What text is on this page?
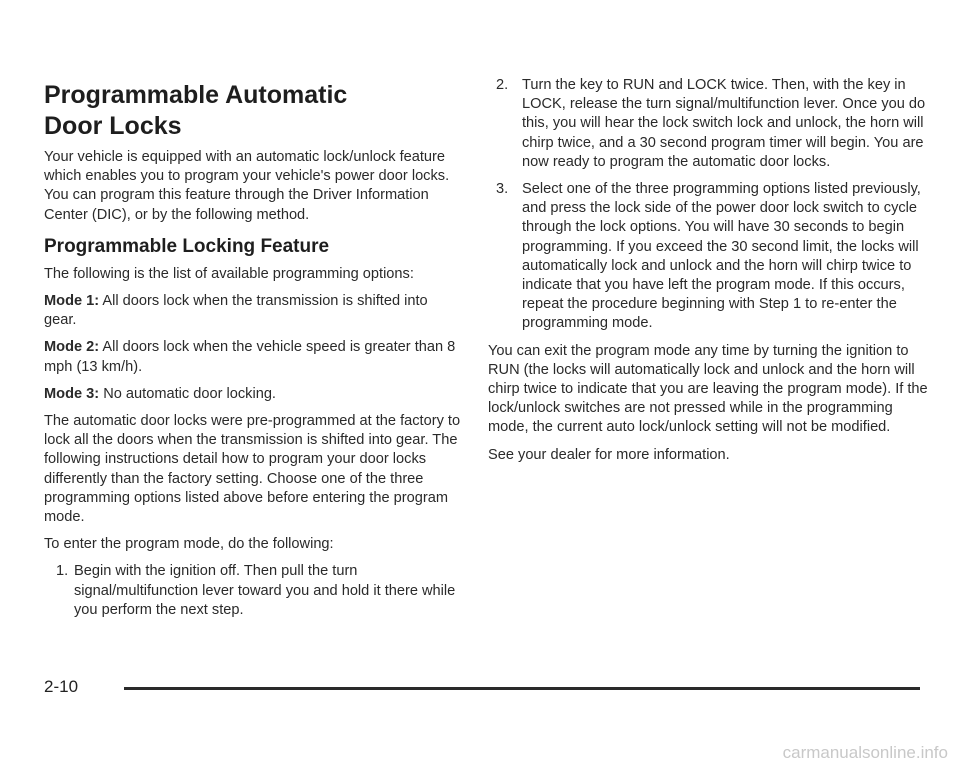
Programmable Automatic
Door Locks

Your vehicle is equipped with an automatic lock/unlock feature which enables you to program your vehicle's power door locks. You can program this feature through the Driver Information Center (DIC), or by the following method.

Programmable Locking Feature

The following is the list of available programming options:

Mode 1: All doors lock when the transmission is shifted into gear.

Mode 2: All doors lock when the vehicle speed is greater than 8 mph (13 km/h).

Mode 3: No automatic door locking.

The automatic door locks were pre-programmed at the factory to lock all the doors when the transmission is shifted into gear. The following instructions detail how to program your door locks differently than the factory setting. Choose one of the three programming options listed above before entering the program mode.

To enter the program mode, do the following:

1. Begin with the ignition off. Then pull the turn signal/multifunction lever toward you and hold it there while you perform the next step.
2. Turn the key to RUN and LOCK twice. Then, with the key in LOCK, release the turn signal/multifunction lever. Once you do this, you will hear the lock switch lock and unlock, the horn will chirp twice, and a 30 second program timer will begin. You are now ready to program the automatic door locks.
3. Select one of the three programming options listed previously, and press the lock side of the power door lock switch to cycle through the lock options. You will have 30 seconds to begin programming. If you exceed the 30 second limit, the locks will automatically lock and unlock and the horn will chirp twice to indicate that you have left the program mode. If this occurs, repeat the procedure beginning with Step 1 to re-enter the programming mode.

You can exit the program mode any time by turning the ignition to RUN (the locks will automatically lock and unlock and the horn will chirp twice to indicate that you are leaving the program mode). If the lock/unlock switches are not pressed while in the programming mode, the current auto lock/unlock setting will not be modified.

See your dealer for more information.

2-10
carmanualsonline.info
